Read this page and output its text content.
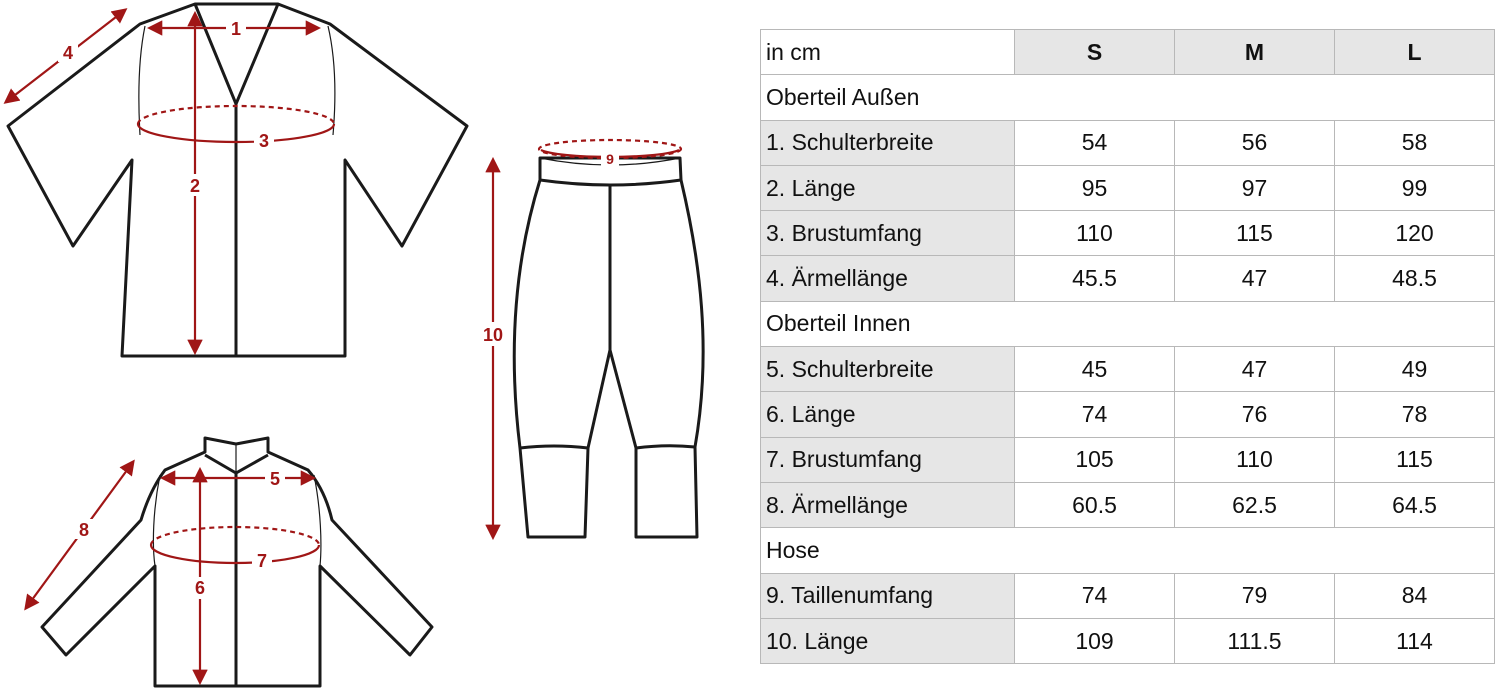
1
2
3
4
9
10
5
7
6
8
in cm	S	M	L
Oberteil Außen			
1. Schulterbreite	54	56	58
2. Länge	95	97	99
3. Brustumfang	110	115	120
4. Ärmellänge	45.5	47	48.5
Oberteil Innen			
5. Schulterbreite	45	47	49
6. Länge	74	76	78
7. Brustumfang	105	110	115
8. Ärmellänge	60.5	62.5	64.5
Hose			
9. Taillenumfang	74	79	84
10. Länge	109	111.5	114
